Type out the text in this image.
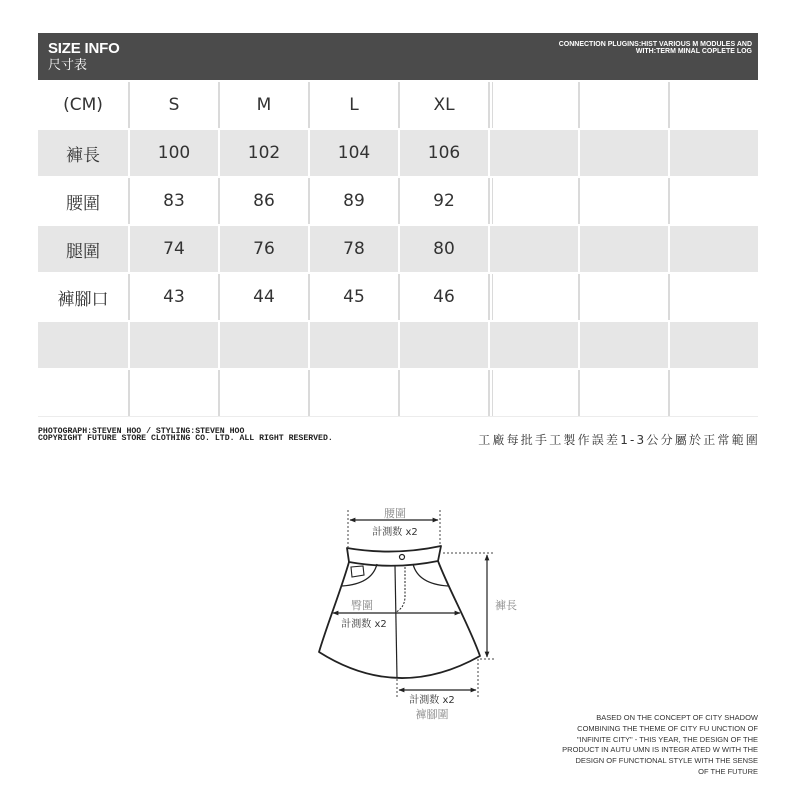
SIZE INFO
尺寸表
CONNECTION PLUGINS:HIST VARIOUS M MODULES AND
WITH:TERM MINAL COPLETE LOG
(CM)	S	M	L	XL
褲長	100	102	104	106
腰圍	83	86	89	92
腿圍	74	76	78	80
褲腳口	43	44	45	46
PHOTOGRAPH:STEVEN HOO / STYLING:STEVEN HOO
COPYRIGHT FUTURE STORE CLOTHING CO. LTD. ALL RIGHT RESERVED.	工廠每批手工製作誤差1-3公分屬於正常範圍
腰圍
計測数 x2
臀圍
計測数 x2
褲長
計測数 x2
褲腳圍	BASED ON THE CONCEPT OF CITY SHADOW
COMBINING THE THEME OF CITY FU UNCTION OF
"INFINITE CITY" - THIS YEAR, THE DESIGN OF THE
PRODUCT IN AUTU UMN IS INTEGR ATED W WITH THE
DESIGN OF FUNCTIONAL STYLE WITH THE SENSE
OF THE FUTURE
